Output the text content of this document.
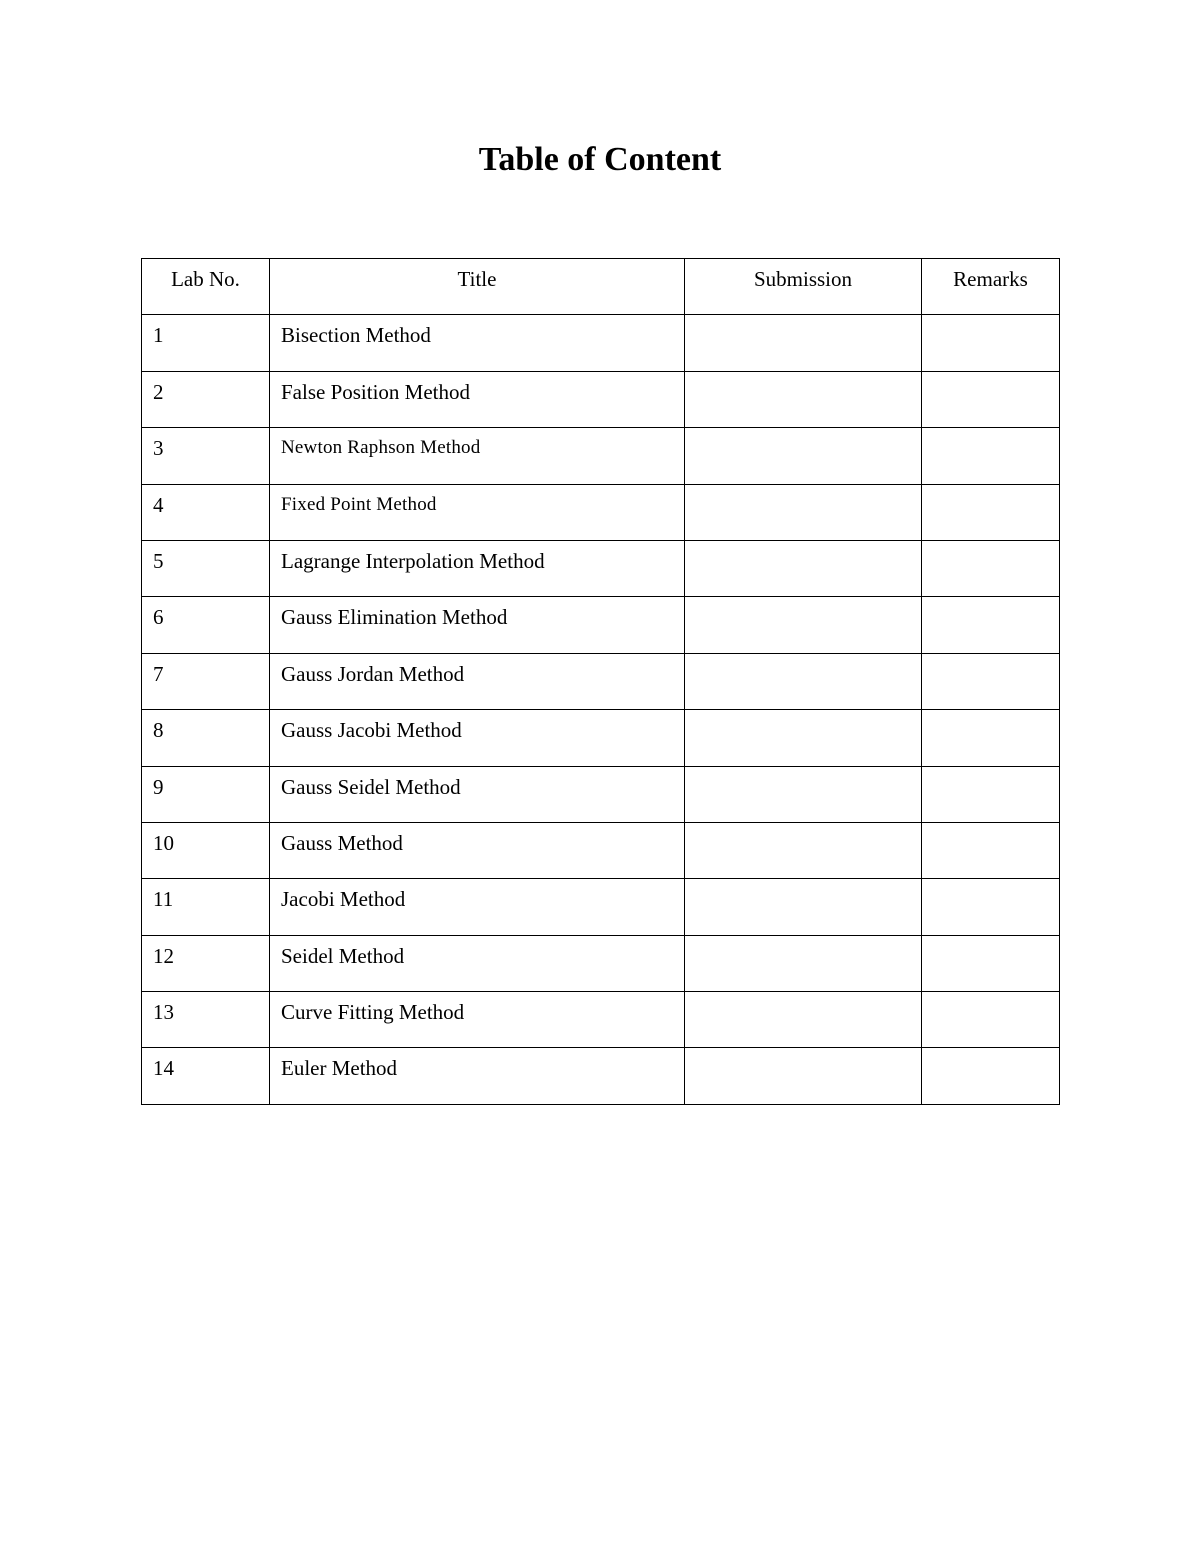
Table of Content
Lab No.	Title	Submission	Remarks
1	Bisection Method		
2	False Position Method		
3	Newton Raphson Method		
4	Fixed Point Method		
5	Lagrange Interpolation Method		
6	Gauss Elimination Method		
7	Gauss Jordan Method		
8	Gauss Jacobi Method		
9	Gauss Seidel Method		
10	Gauss Method		
11	Jacobi Method		
12	Seidel Method		
13	Curve Fitting Method		
14	Euler Method		
